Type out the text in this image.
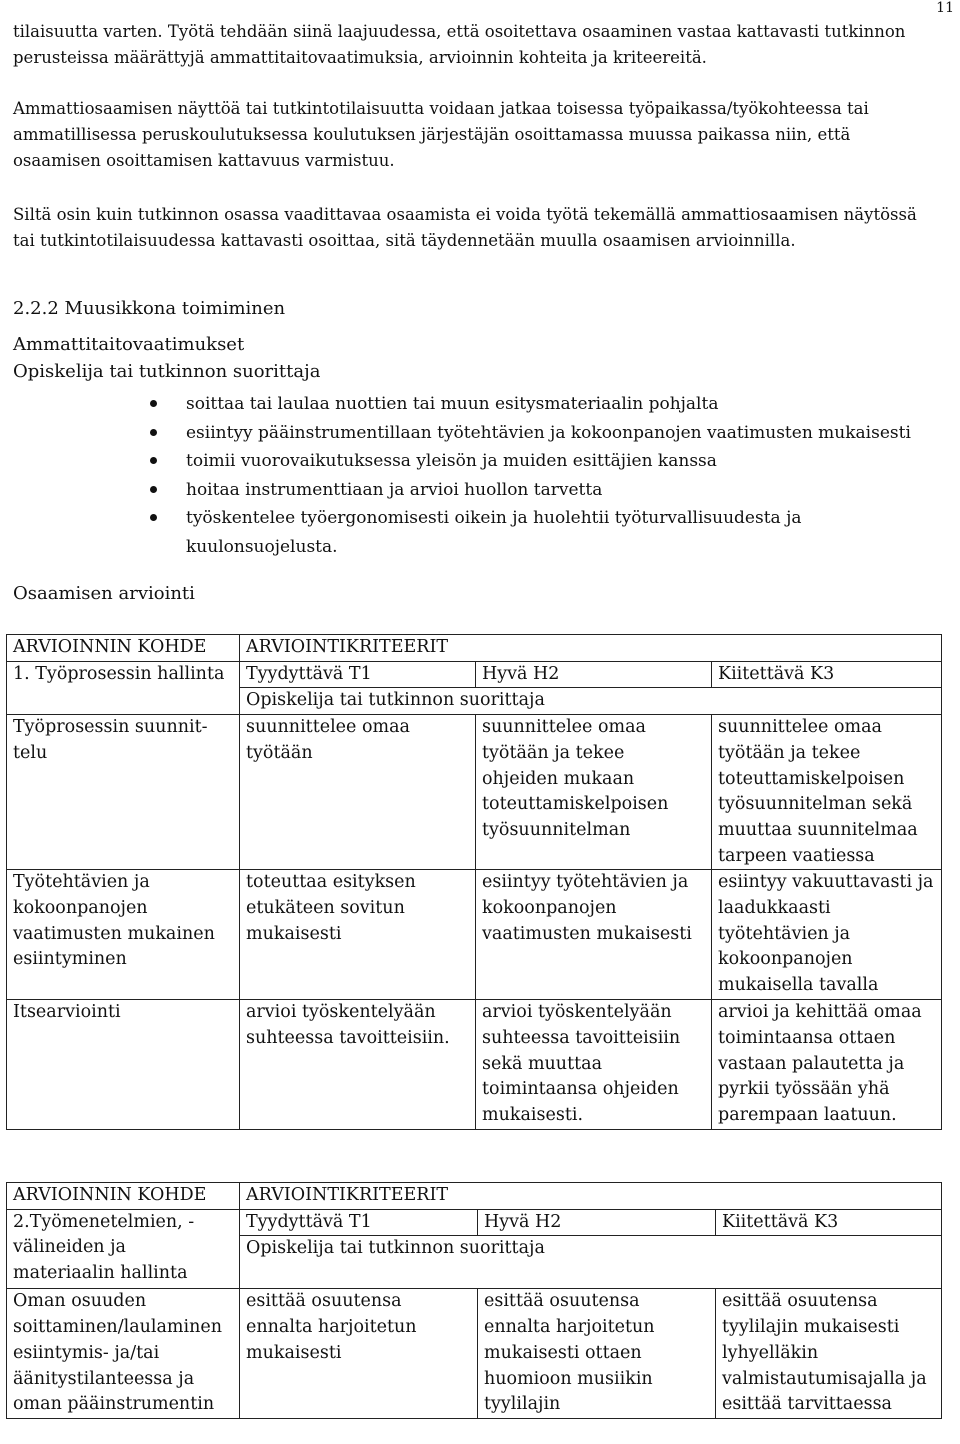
11
tilaisuutta varten. Työtä tehdään siinä laajuudessa, että osoitettava osaaminen vastaa kattavasti tutkinnon perusteissa määrättyjä ammattitaitovaatimuksia, arvioinnin kohteita ja kriteereitä.
Ammattiosaamisen näyttöä tai tutkintotilaisuutta voidaan jatkaa toisessa työpaikassa/työkohteessa tai ammatillisessa peruskoulutuksessa koulutuksen järjestäjän osoittamassa muussa paikassa niin, että osaamisen osoittamisen kattavuus varmistuu.
Siltä osin kuin tutkinnon osassa vaadittavaa osaamista ei voida työtä tekemällä ammattiosaamisen näytössä tai tutkintotilaisuudessa kattavasti osoittaa, sitä täydennetään muulla osaamisen arvioinnilla.
2.2.2 Muusikkona toimiminen
Ammattitaitovaatimukset
Opiskelija tai tutkinnon suorittaja
soittaa tai laulaa nuottien tai muun esitysmateriaalin pohjalta
esiintyy pääinstrumentillaan työtehtävien ja kokoonpanojen vaatimusten mukaisesti
toimii vuorovaikutuksessa yleisön ja muiden esittäjien kanssa
hoitaa instrumenttiaan ja arvioi huollon tarvetta
työskentelee työergonomisesti oikein ja huolehtii työturvallisuudesta ja kuulonsuojelusta.
Osaamisen arviointi
ARVIOINNIN KOHDE	ARVIOINTIKRITEERIT		
1. Työprosessin hallinta	Tyydyttävä T1	Hyvä H2	Kiitettävä K3
	Opiskelija tai tutkinnon suorittaja		
Työprosessin suunnit-telu	suunnittelee omaa työtään	suunnittelee omaa työtään ja tekee ohjeiden mukaan toteuttamiskelpoisen työsuunnitelman	suunnittelee omaa työtään ja tekee toteuttamiskelpoisen työsuunnitelman sekä muuttaa suunnitelmaa tarpeen vaatiessa
Työtehtävien ja kokoonpanojen vaatimusten mukainen esiintyminen	toteuttaa esityksen etukäteen sovitun mukaisesti	esiintyy työtehtävien ja kokoonpanojen vaatimusten mukaisesti	esiintyy vakuuttavasti ja laadukkaasti työtehtävien ja kokoonpanojen mukaisella tavalla
Itsearviointi	arvioi työskentelyään suhteessa tavoitteisiin.	arvioi työskentelyään suhteessa tavoitteisiin sekä muuttaa toimintaansa ohjeiden mukaisesti.	arvioi ja kehittää omaa toimintaansa ottaen vastaan palautetta ja pyrkii työssään yhä parempaan laatuun.
ARVIOINNIN KOHDE	ARVIOINTIKRITEERIT		
2.Työmenetelmien, -välineiden ja materiaalin hallinta	Tyydyttävä T1	Hyvä H2	Kiitettävä K3
	Opiskelija tai tutkinnon suorittaja		
Oman osuuden soittaminen/laulaminen esiintymis- ja/tai äänitystilanteessa ja oman pääinstrumentin	esittää osuutensa ennalta harjoitetun mukaisesti	esittää osuutensa ennalta harjoitetun mukaisesti ottaen huomioon musiikin tyylilajin	esittää osuutensa tyylilajin mukaisesti lyhyelläkin valmistautumisajalla ja esittää tarvittaessa
